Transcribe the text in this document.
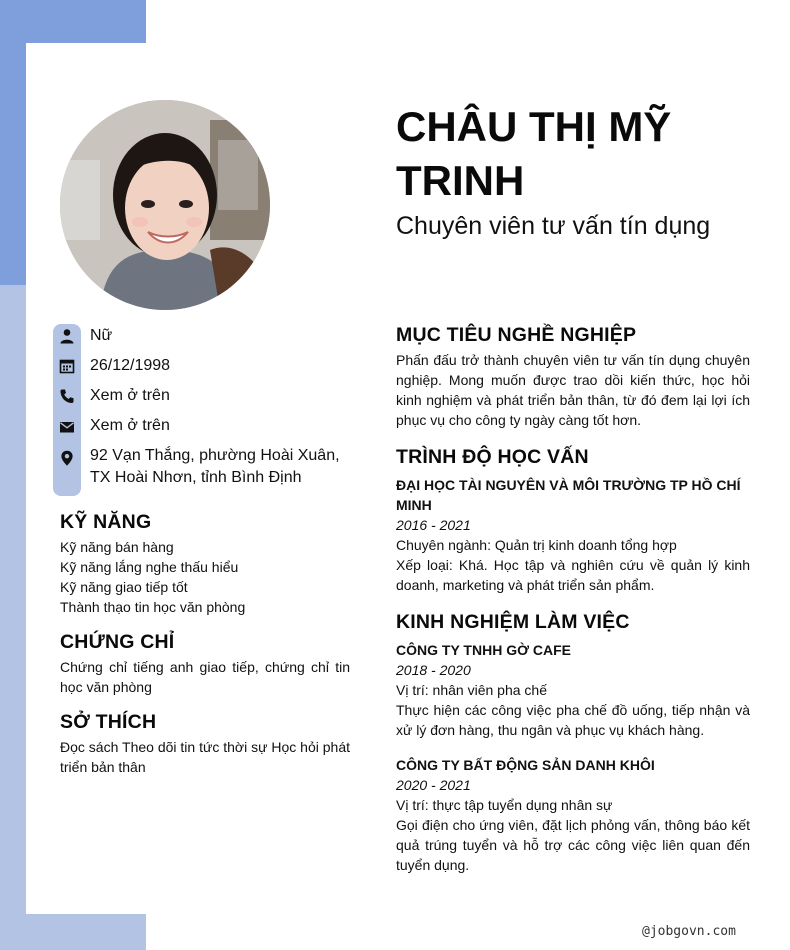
CHÂU THỊ MỸ TRINH
Chuyên viên tư vấn tín dụng
Nữ
26/12/1998
Xem ở trên
Xem ở trên
92 Vạn Thắng, phường Hoài Xuân, TX Hoài Nhơn, tỉnh Bình Định
KỸ NĂNG
Kỹ năng bán hàng
Kỹ năng lắng nghe thấu hiểu
Kỹ năng giao tiếp tốt
Thành thạo tin học văn phòng
CHỨNG CHỈ
Chứng chỉ tiếng anh giao tiếp, chứng chỉ tin học văn phòng
SỞ THÍCH
Đọc sách Theo dõi tin tức thời sự Học hỏi phát triển bản thân
MỤC TIÊU NGHỀ NGHIỆP
Phấn đấu trở thành chuyên viên tư vấn tín dụng chuyên nghiệp. Mong muốn được trao dồi kiến thức, học hỏi kinh nghiệm và phát triển bản thân, từ đó đem lại lợi ích phục vụ cho công ty ngày càng tốt hơn.
TRÌNH ĐỘ HỌC VẤN
ĐẠI HỌC TÀI NGUYÊN VÀ MÔI TRƯỜNG TP HỒ CHÍ MINH
2016 - 2021
Chuyên ngành: Quản trị kinh doanh tổng hợp
Xếp loại: Khá. Học tập và nghiên cứu về quản lý kinh doanh, marketing và phát triển sản phẩm.
KINH NGHIỆM LÀM VIỆC
CÔNG TY TNHH GỜ CAFE
2018 - 2020
Vị trí: nhân viên pha chế
Thực hiện các công việc pha chế đồ uống, tiếp nhận và xử lý đơn hàng, thu ngân và phục vụ khách hàng.
CÔNG TY BẤT ĐỘNG SẢN DANH KHÔI
2020 - 2021
Vị trí: thực tập tuyển dụng nhân sự
Gọi điện cho ứng viên, đặt lịch phỏng vấn, thông báo kết quả trúng tuyển và hỗ trợ các công việc liên quan đến tuyển dụng.
@jobgovn.com
